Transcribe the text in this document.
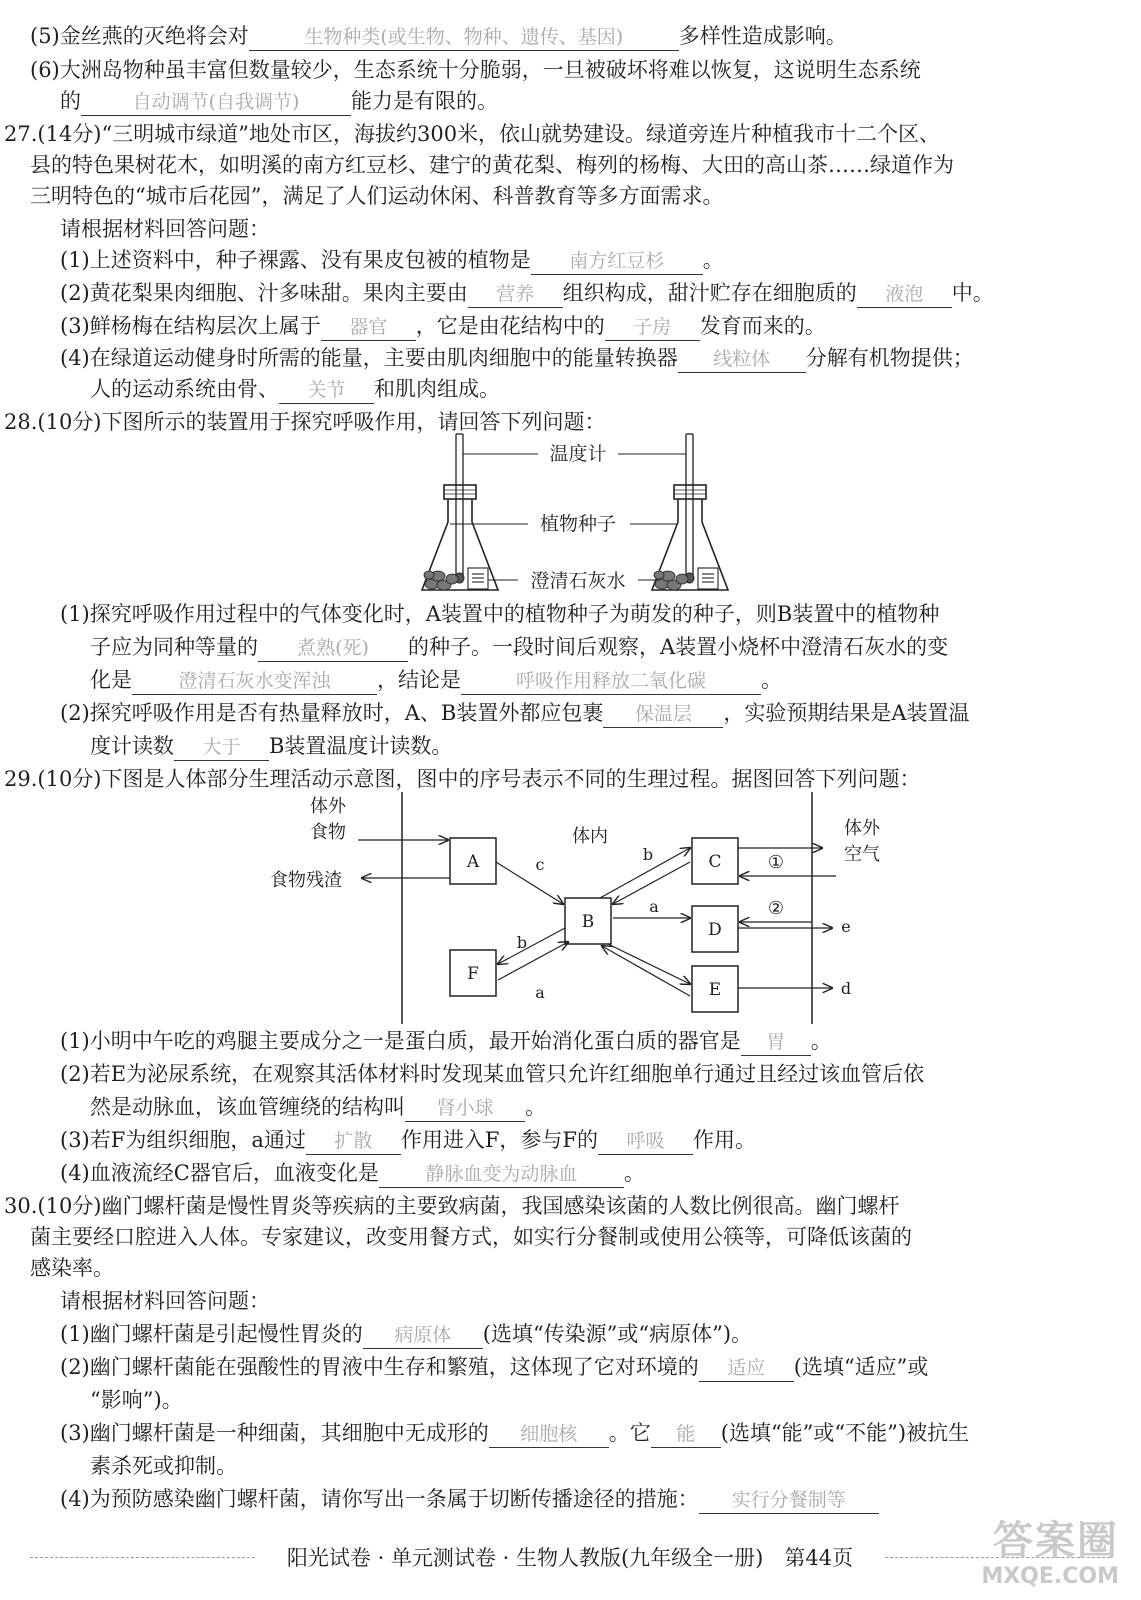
(5)金丝燕的灭绝将会对	生物种类(或生物、物种、遗传、基因)	多样性造成影响。
(6)大洲岛物种虽丰富但数量较少，生态系统十分脆弱，一旦被破坏将难以恢复，这说明生态系统
的	自动调节(自我调节) 能力是有限的。
27.(14分)“三明城市绿道”地处市区，海拔约300米，依山就势建设。绿道旁连片种植我市十二个区、
县的特色果树花木，如明溪的南方红豆杉、建宁的黄花梨、梅列的杨梅、大田的高山茶……绿道作为
三明特色的“城市后花园”，满足了人们运动休闲、科普教育等多方面需求。
请根据材料回答问题：
(1)上述资料中，种子裸露、没有果皮包被的植物是 南方红豆杉 。
(2)黄花梨果肉细胞、汁多味甜。果肉主要由 营养 组织构成，甜汁贮存在细胞质的 液泡 中。
(3)鲜杨梅在结构层次上属于 器官 ，它是由花结构中的 子房 发育而来的。
(4)在绿道运动健身时所需的能量，主要由肌肉细胞中的能量转换器 线粒体 分解有机物提供；
人的运动系统由骨、 关节 和肌肉组成。
28.(10分)下图所示的装置用于探究呼吸作用，请回答下列问题：
温度计
植物种子
澄清石灰水
(1)探究呼吸作用过程中的气体变化时，A装置中的植物种子为萌发的种子，则B装置中的植物种
子应为同种等量的 煮熟(死) 的种子。一段时间后观察，A装置小烧杯中澄清石灰水的变
化是 澄清石灰水变浑浊 ，结论是	呼吸作用释放二氧化碳	。
(2)探究呼吸作用是否有热量释放时，A、B装置外都应包裹 保温层 ，实验预期结果是A装置温
度计读数 大于 B装置温度计读数。
29.(10分)下图是人体部分生理活动示意图，图中的序号表示不同的生理过程。据图回答下列问题：
体外
食物
食物残渣
体内	体外
空气
A
B
C
D
E
F
c
b
a
b
a
e
d
①
②
(1)小明中午吃的鸡腿主要成分之一是蛋白质，最开始消化蛋白质的器官是 胃 。
(2)若E为泌尿系统，在观察其活体材料时发现某血管只允许红细胞单行通过且经过该血管后依
然是动脉血，该血管缠绕的结构叫 肾小球 。
(3)若F为组织细胞，a通过 扩散 作用进入F，参与F的 呼吸 作用。
(4)血液流经C器官后，血液变化是 静脉血变为动脉血 。
30.(10分)幽门螺杆菌是慢性胃炎等疾病的主要致病菌，我国感染该菌的人数比例很高。幽门螺杆
菌主要经口腔进入人体。专家建议，改变用餐方式，如实行分餐制或使用公筷等，可降低该菌的
感染率。
请根据材料回答问题：
(1)幽门螺杆菌是引起慢性胃炎的 病原体 (选填“传染源”或“病原体”)。
(2)幽门螺杆菌能在强酸性的胃液中生存和繁殖，这体现了它对环境的 适应 (选填“适应”或
“影响”)。
(3)幽门螺杆菌是一种细菌，其细胞中无成形的 细胞核 。它 能 (选填“能”或“不能”)被抗生
素杀死或抑制。
(4)为预防感染幽门螺杆菌，请你写出一条属于切断传播途径的措施： 实行分餐制等
阳光试卷 · 单元测试卷 · 生物人教版(九年级全一册)　第44页	答案圈
MXQE.COM
